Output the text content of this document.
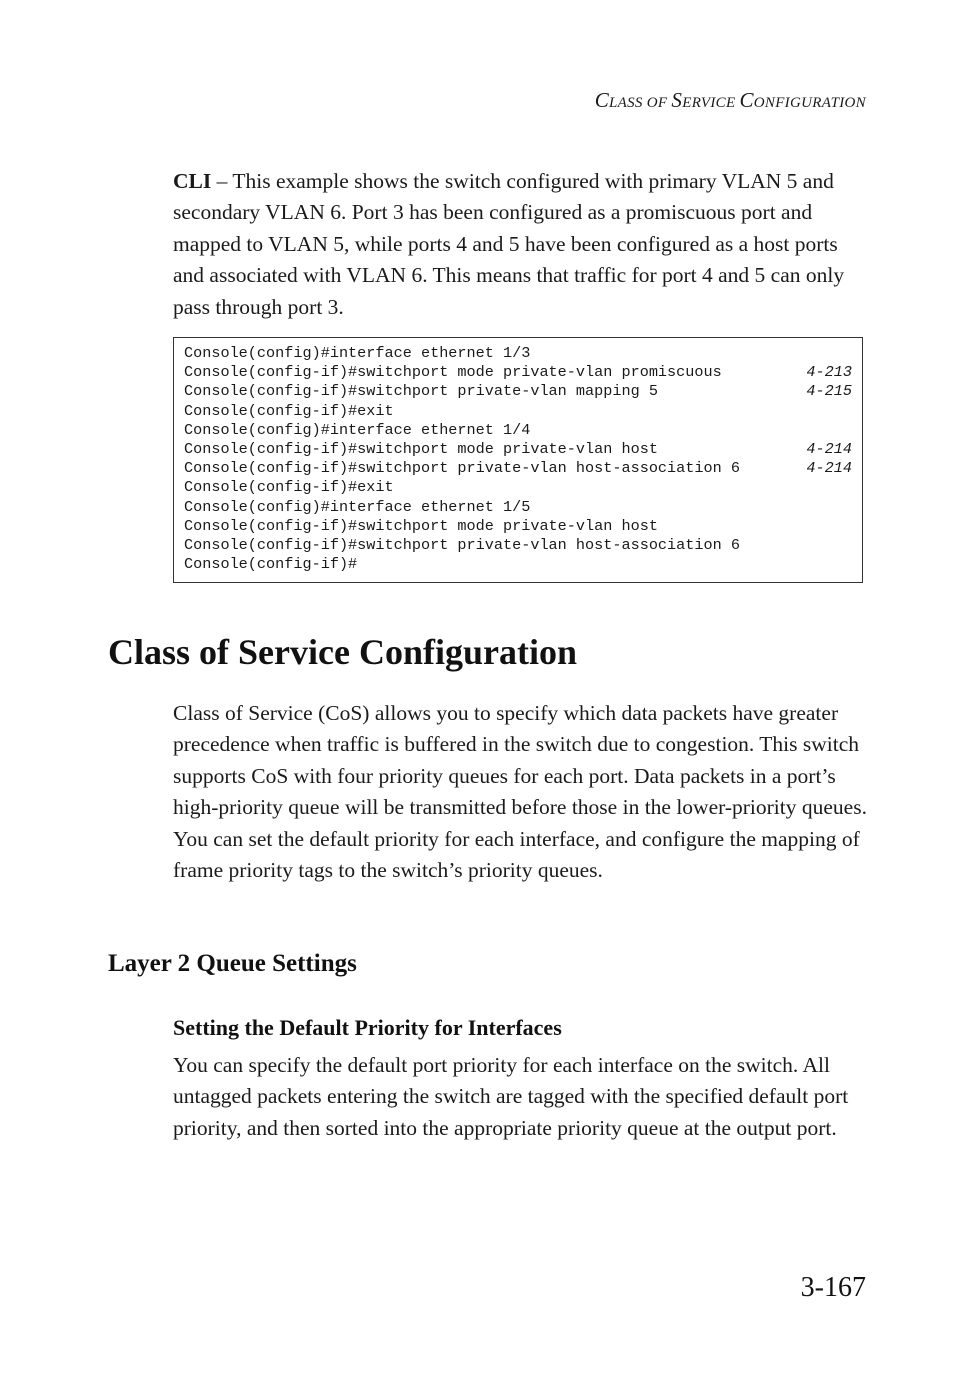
CLASS OF SERVICE CONFIGURATION

CLI – This example shows the switch configured with primary VLAN 5 and secondary VLAN 6. Port 3 has been configured as a promiscuous port and mapped to VLAN 5, while ports 4 and 5 have been configured as a host ports and associated with VLAN 6. This means that traffic for port 4 and 5 can only pass through port 3.

Console(config)#interface ethernet 1/3
Console(config-if)#switchport mode private-vlan promiscuous	4-213
Console(config-if)#switchport private-vlan mapping 5	4-215
Console(config-if)#exit
Console(config)#interface ethernet 1/4
Console(config-if)#switchport mode private-vlan host	4-214
Console(config-if)#switchport private-vlan host-association 6	4-214
Console(config-if)#exit
Console(config)#interface ethernet 1/5
Console(config-if)#switchport mode private-vlan host
Console(config-if)#switchport private-vlan host-association 6
Console(config-if)#
Class of Service Configuration

Class of Service (CoS) allows you to specify which data packets have greater precedence when traffic is buffered in the switch due to congestion. This switch supports CoS with four priority queues for each port. Data packets in a port’s high-priority queue will be transmitted before those in the lower-priority queues. You can set the default priority for each interface, and configure the mapping of frame priority tags to the switch’s priority queues.

Layer 2 Queue Settings
Setting the Default Priority for Interfaces

You can specify the default port priority for each interface on the switch. All untagged packets entering the switch are tagged with the specified default port priority, and then sorted into the appropriate priority queue at the output port.

3-167
